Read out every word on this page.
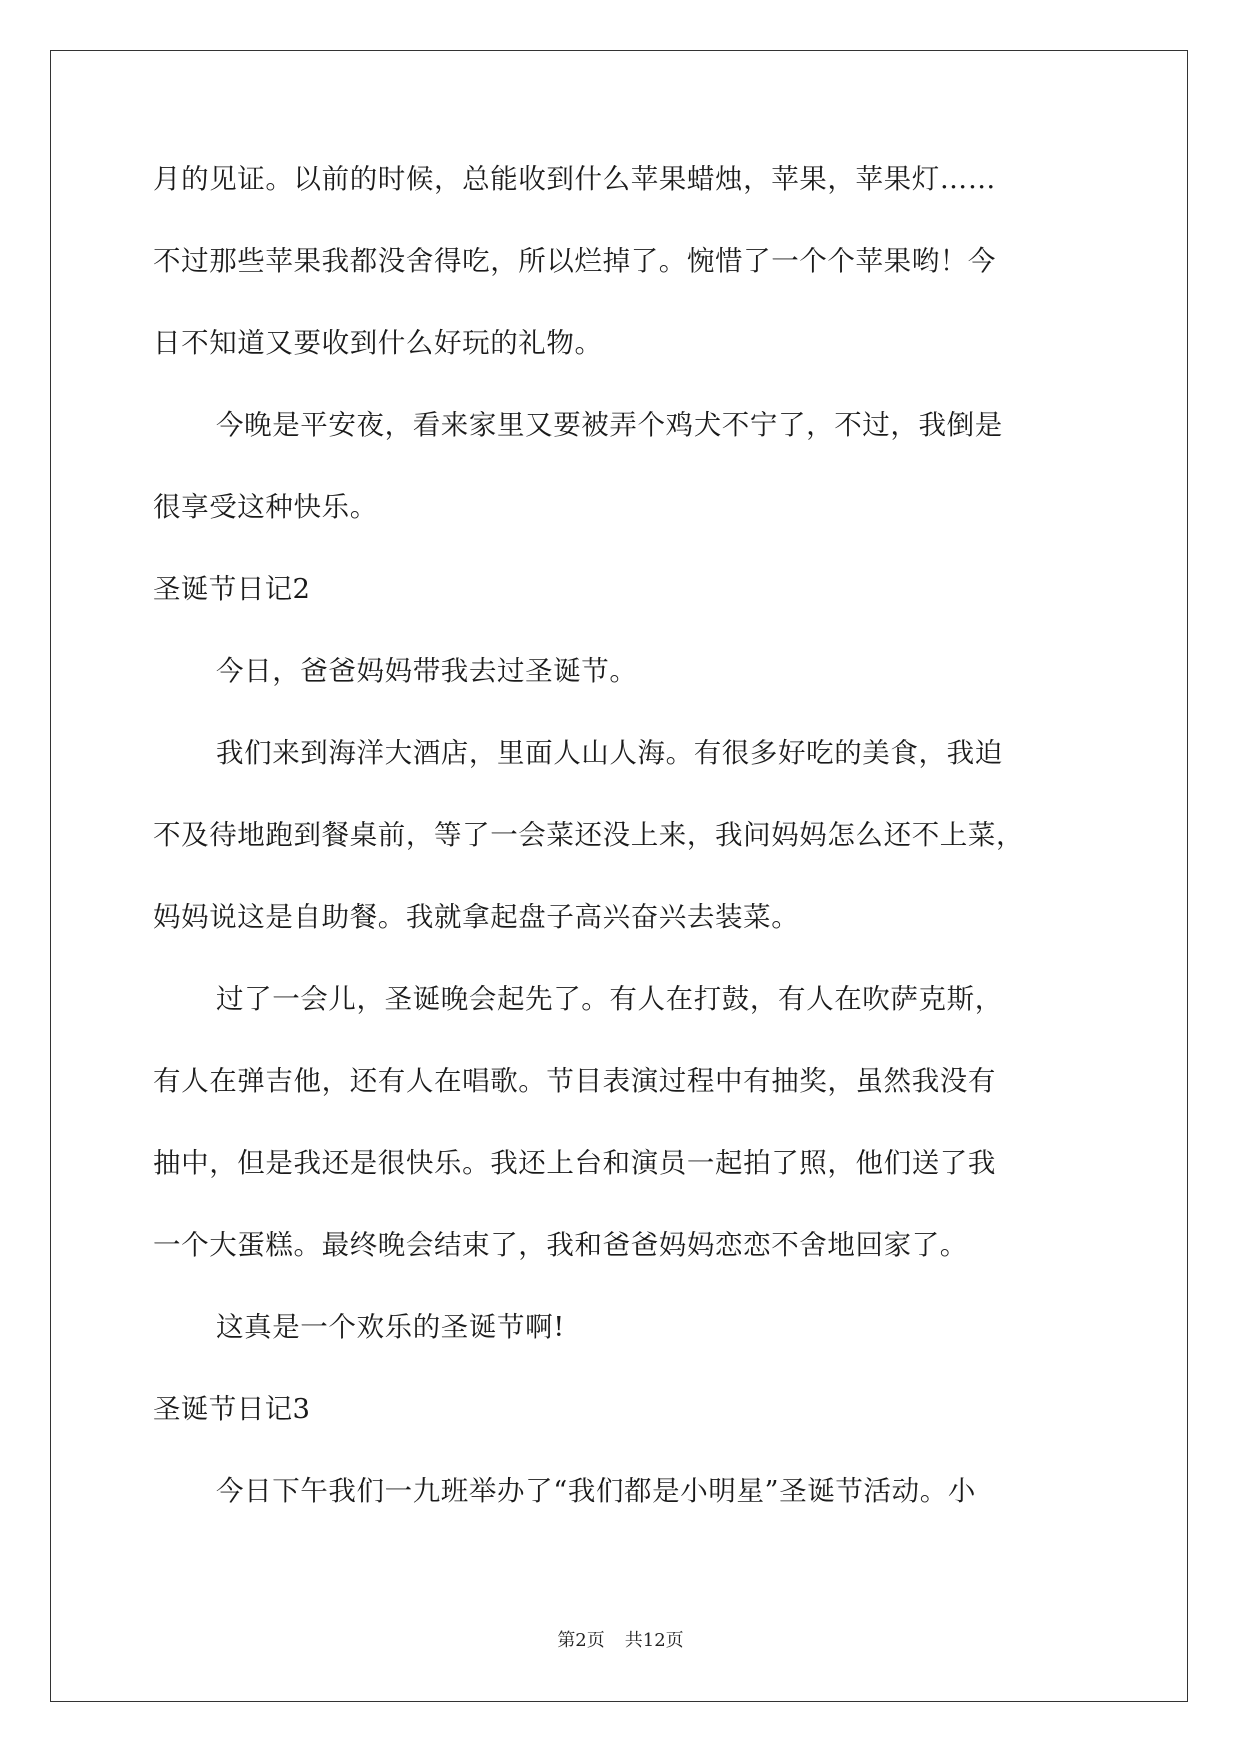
月的见证。以前的时候，总能收到什么苹果蜡烛，苹果，苹果灯……
不过那些苹果我都没舍得吃，所以烂掉了。惋惜了一个个苹果哟！今
日不知道又要收到什么好玩的礼物。
今晚是平安夜，看来家里又要被弄个鸡犬不宁了，不过，我倒是
很享受这种快乐。
圣诞节日记2
今日，爸爸妈妈带我去过圣诞节。
我们来到海洋大酒店，里面人山人海。有很多好吃的美食，我迫
不及待地跑到餐桌前，等了一会菜还没上来，我问妈妈怎么还不上菜，
妈妈说这是自助餐。我就拿起盘子高兴奋兴去装菜。
过了一会儿，圣诞晚会起先了。有人在打鼓，有人在吹萨克斯，
有人在弹吉他，还有人在唱歌。节目表演过程中有抽奖，虽然我没有
抽中，但是我还是很快乐。我还上台和演员一起拍了照，他们送了我
一个大蛋糕。最终晚会结束了，我和爸爸妈妈恋恋不舍地回家了。
这真是一个欢乐的圣诞节啊!
圣诞节日记3
今日下午我们一九班举办了“我们都是小明星”圣诞节活动。小
第2页 共12页
